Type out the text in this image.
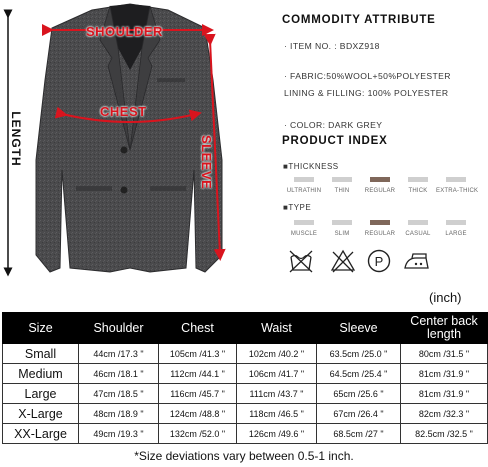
SHOULDER
CHEST
SLEEVE
LENGTH
COMMODITY ATTRIBUTE
· ITEM NO. : BDXZ918
· FABRIC:50%WOOL+50%POLYESTER
LINING & FILLING: 100% POLYESTER
· COLOR: DARK GREY
PRODUCT INDEX
■THICKNESS
ULTRATHIN	THIN	REGULAR	THICK	EXTRA-THICK
■TYPE
MUSCLE	SLIM	REGULAR	CASUAL	LARGE
P
(inch)
Size	Shoulder	Chest	Waist	Sleeve	Center back length
Small	44cm /17.3 "	105cm /41.3 "	102cm /40.2 "	63.5cm /25.0 "	80cm /31.5 "
Medium	46cm /18.1 "	112cm /44.1 "	106cm /41.7 "	64.5cm /25.4 "	81cm /31.9 "
Large	47cm /18.5 "	116cm /45.7 "	111cm /43.7 "	65cm /25.6 "	81cm /31.9 "
X-Large	48cm /18.9 "	124cm /48.8 "	118cm /46.5 "	67cm /26.4 "	82cm /32.3 "
XX-Large	49cm /19.3 "	132cm /52.0 "	126cm /49.6 "	68.5cm /27 "	82.5cm /32.5 "
*Size deviations vary between 0.5-1 inch.
